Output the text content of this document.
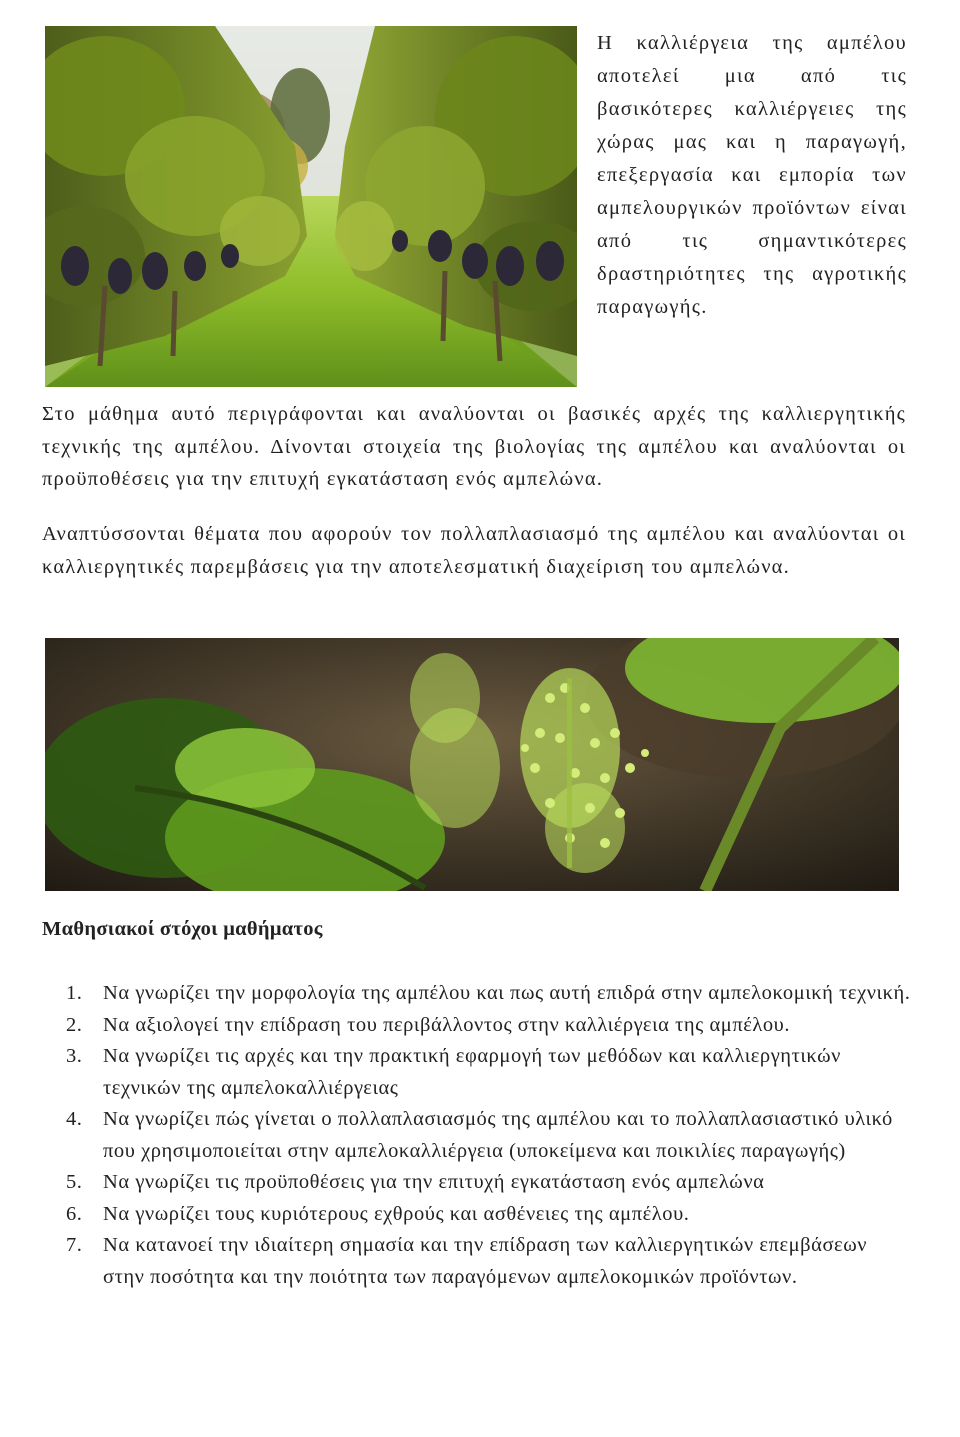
Η καλλιέργεια της αμπέλου αποτελεί μια από τις βασικότερες καλλιέργειες της χώρας μας και η παραγωγή, επεξεργασία και εμπορία των αμπελουργικών προϊόντων είναι από τις σημαντικότερες δραστηριότητες της αγροτικής παραγωγής.

Στο μάθημα αυτό περιγράφονται και αναλύονται οι βασικές αρχές της καλλιεργητικής τεχνικής της αμπέλου. Δίνονται στοιχεία της βιολογίας της αμπέλου και αναλύονται οι προϋποθέσεις για την επιτυχή εγκατάσταση ενός αμπελώνα.

Αναπτύσσονται θέματα που αφορούν τον πολλαπλασιασμό της αμπέλου και αναλύονται οι καλλιεργητικές παρεμβάσεις για την αποτελεσματική διαχείριση του αμπελώνα.

Μαθησιακοί στόχοι μαθήματος
1. Να γνωρίζει την μορφολογία της αμπέλου και πως αυτή επιδρά στην αμπελοκομική τεχνική.
2. Να αξιολογεί την επίδραση του περιβάλλοντος στην καλλιέργεια της αμπέλου.
3. Να γνωρίζει τις αρχές και την πρακτική εφαρμογή των μεθόδων και καλλιεργητικών τεχνικών της αμπελοκαλλιέργειας
4. Να γνωρίζει πώς γίνεται ο πολλαπλασιασμός της αμπέλου και το πολλαπλασιαστικό υλικό που χρησιμοποιείται στην αμπελοκαλλιέργεια (υποκείμενα και ποικιλίες παραγωγής)
5. Να γνωρίζει τις προϋποθέσεις για την επιτυχή εγκατάσταση ενός αμπελώνα
6. Να γνωρίζει τους κυριότερους εχθρούς και ασθένειες της αμπέλου.
7. Να κατανοεί την ιδιαίτερη σημασία και την επίδραση των καλλιεργητικών επεμβάσεων στην ποσότητα και την ποιότητα των παραγόμενων αμπελοκομικών προϊόντων.
